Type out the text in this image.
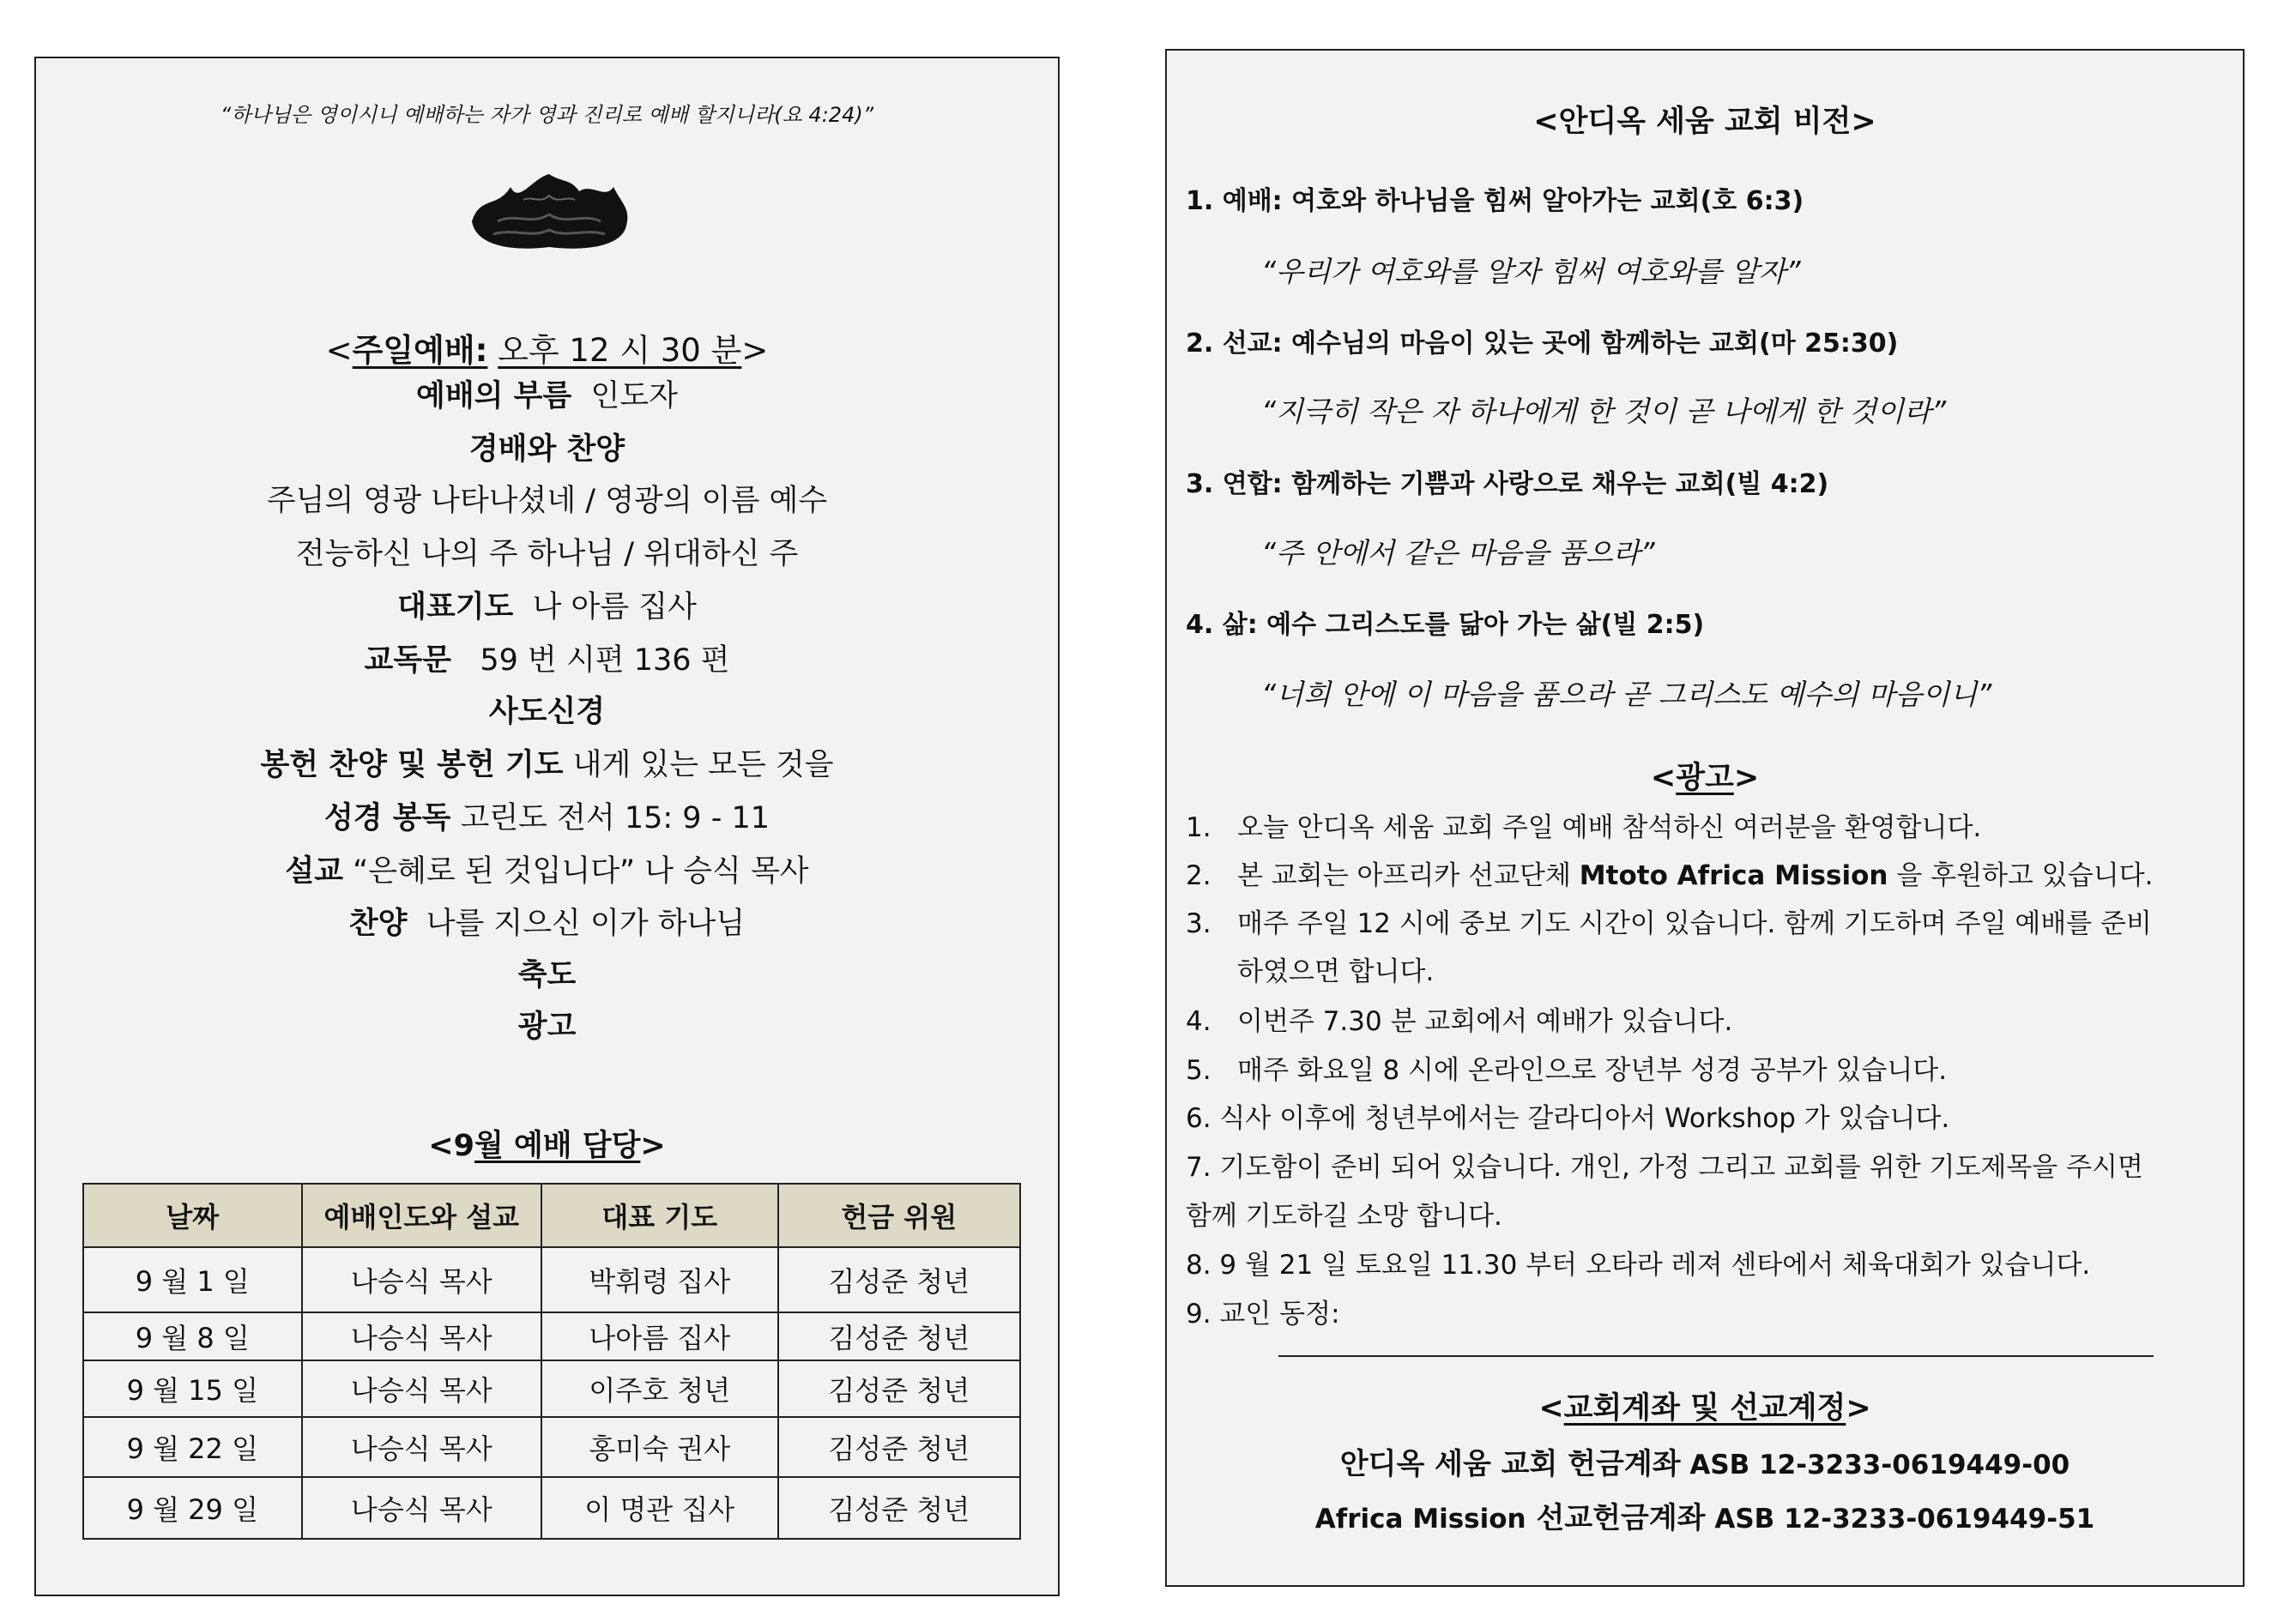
“하나님은 영이시니 예배하는 자가 영과 진리로 예배 할지니라(요 4:24)”
<주일예배: 오후 12 시 30 분>
예배의 부름  인도자
경배와 찬양
주님의 영광 나타나셨네 / 영광의 이름 예수
전능하신 나의 주 하나님 / 위대하신 주
대표기도  나 아름 집사
교독문   59 번 시편 136 편
사도신경
봉헌 찬양 및 봉헌 기도 내게 있는 모든 것을
성경 봉독 고린도 전서 15: 9 - 11
설교 “은혜로 된 것입니다” 나 승식 목사
찬양  나를 지으신 이가 하나님
축도
광고
<9월 예배 담당>
날짜	예배인도와 설교	대표 기도	헌금 위원
9 월 1 일	나승식 목사	박휘령 집사	김성준 청년
9 월 8 일	나승식 목사	나아름 집사	김성준 청년
9 월 15 일	나승식 목사	이주호 청년	김성준 청년
9 월 22 일	나승식 목사	홍미숙 권사	김성준 청년
9 월 29 일	나승식 목사	이 명관 집사	김성준 청년
<안디옥 세움 교회 비전>
1. 예배: 여호와 하나님을 힘써 알아가는 교회(호 6:3)
“우리가 여호와를 알자 힘써 여호와를 알자”
2. 선교: 예수님의 마음이 있는 곳에 함께하는 교회(마 25:30)
“지극히 작은 자 하나에게 한 것이 곧 나에게 한 것이라”
3. 연합: 함께하는 기쁨과 사랑으로 채우는 교회(빌 4:2)
“주 안에서 같은 마음을 품으라”
4. 삶: 예수 그리스도를 닮아 가는 삶(빌 2:5)
“너희 안에 이 마음을 품으라 곧 그리스도 예수의 마음이니”
<광고>
1. 오늘 안디옥 세움 교회 주일 예배 참석하신 여러분을 환영합니다.
2. 본 교회는 아프리카 선교단체 Mtoto Africa Mission 을 후원하고 있습니다.
3. 매주 주일 12 시에 중보 기도 시간이 있습니다. 함께 기도하며 주일 예배를 준비
하였으면 합니다.
4. 이번주 7.30 분 교회에서 예배가 있습니다.
5. 매주 화요일 8 시에 온라인으로 장년부 성경 공부가 있습니다.
6. 식사 이후에 청년부에서는 갈라디아서 Workshop 가 있습니다.
7. 기도함이 준비 되어 있습니다. 개인, 가정 그리고 교회를 위한 기도제목을 주시면
함께 기도하길 소망 합니다.
8. 9 월 21 일 토요일 11.30 부터 오타라 레져 센타에서 체육대회가 있습니다.
9. 교인 동정:
<교회계좌 및 선교계정>
안디옥 세움 교회 헌금계좌 ASB 12-3233-0619449-00
Africa Mission 선교헌금계좌 ASB 12-3233-0619449-51
